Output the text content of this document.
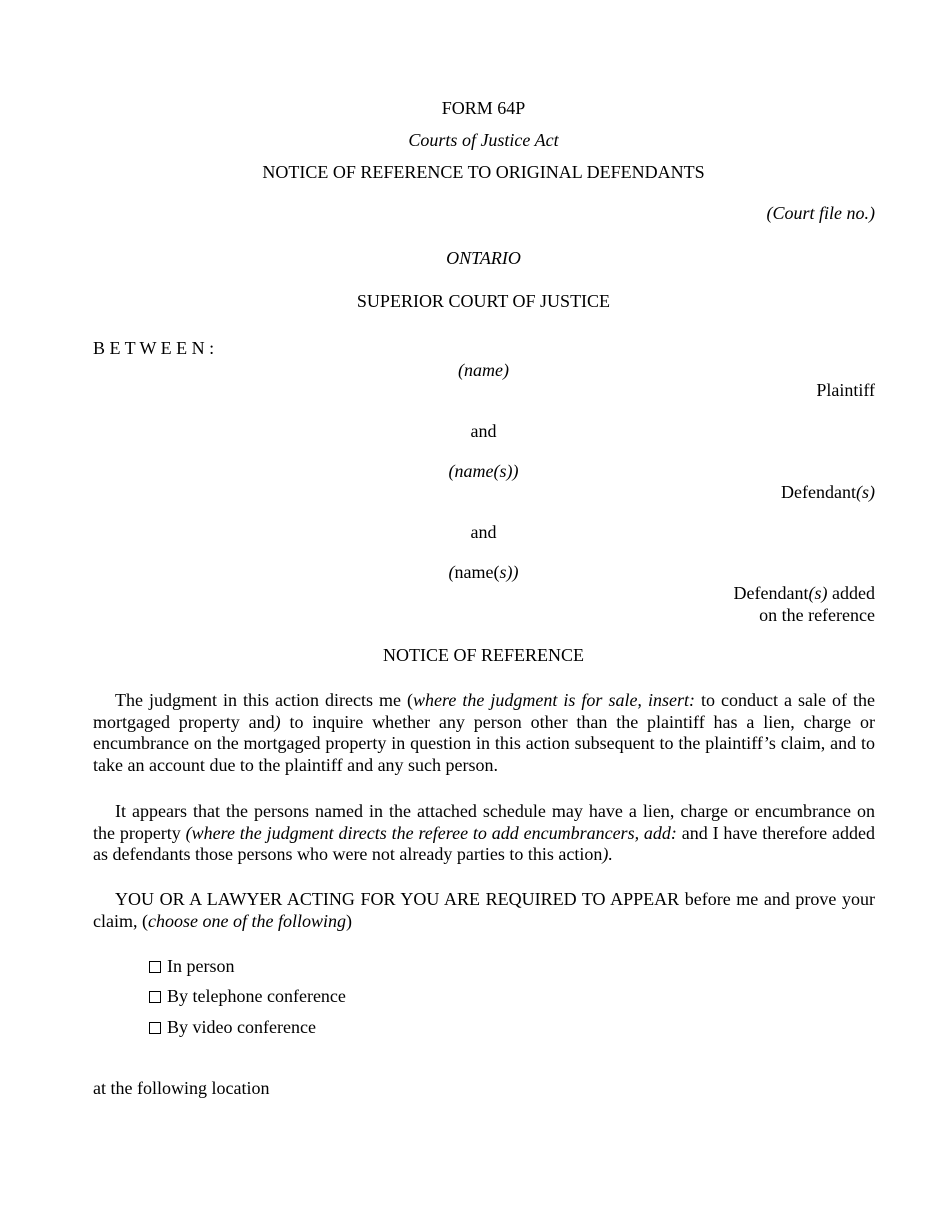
FORM 64P
Courts of Justice Act
NOTICE OF REFERENCE TO ORIGINAL DEFENDANTS
(Court file no.)
ONTARIO
SUPERIOR COURT OF JUSTICE
B E T W E E N :
(name)
Plaintiff
and
(name(s))
Defendant(s)
and
(name(s))
Defendant(s) added
on the reference
NOTICE OF REFERENCE
The judgment in this action directs me (where the judgment is for sale, insert: to conduct a sale of the mortgaged property and) to inquire whether any person other than the plaintiff has a lien, charge or encumbrance on the mortgaged property in question in this action subsequent to the plaintiff’s claim, and to take an account due to the plaintiff and any such person.
It appears that the persons named in the attached schedule may have a lien, charge or encumbrance on the property (where the judgment directs the referee to add encumbrancers, add: and I have therefore added as defendants those persons who were not already parties to this action).
YOU OR A LAWYER ACTING FOR YOU ARE REQUIRED TO APPEAR before me and prove your claim, (choose one of the following)
In person
By telephone conference
By video conference
at the following location
